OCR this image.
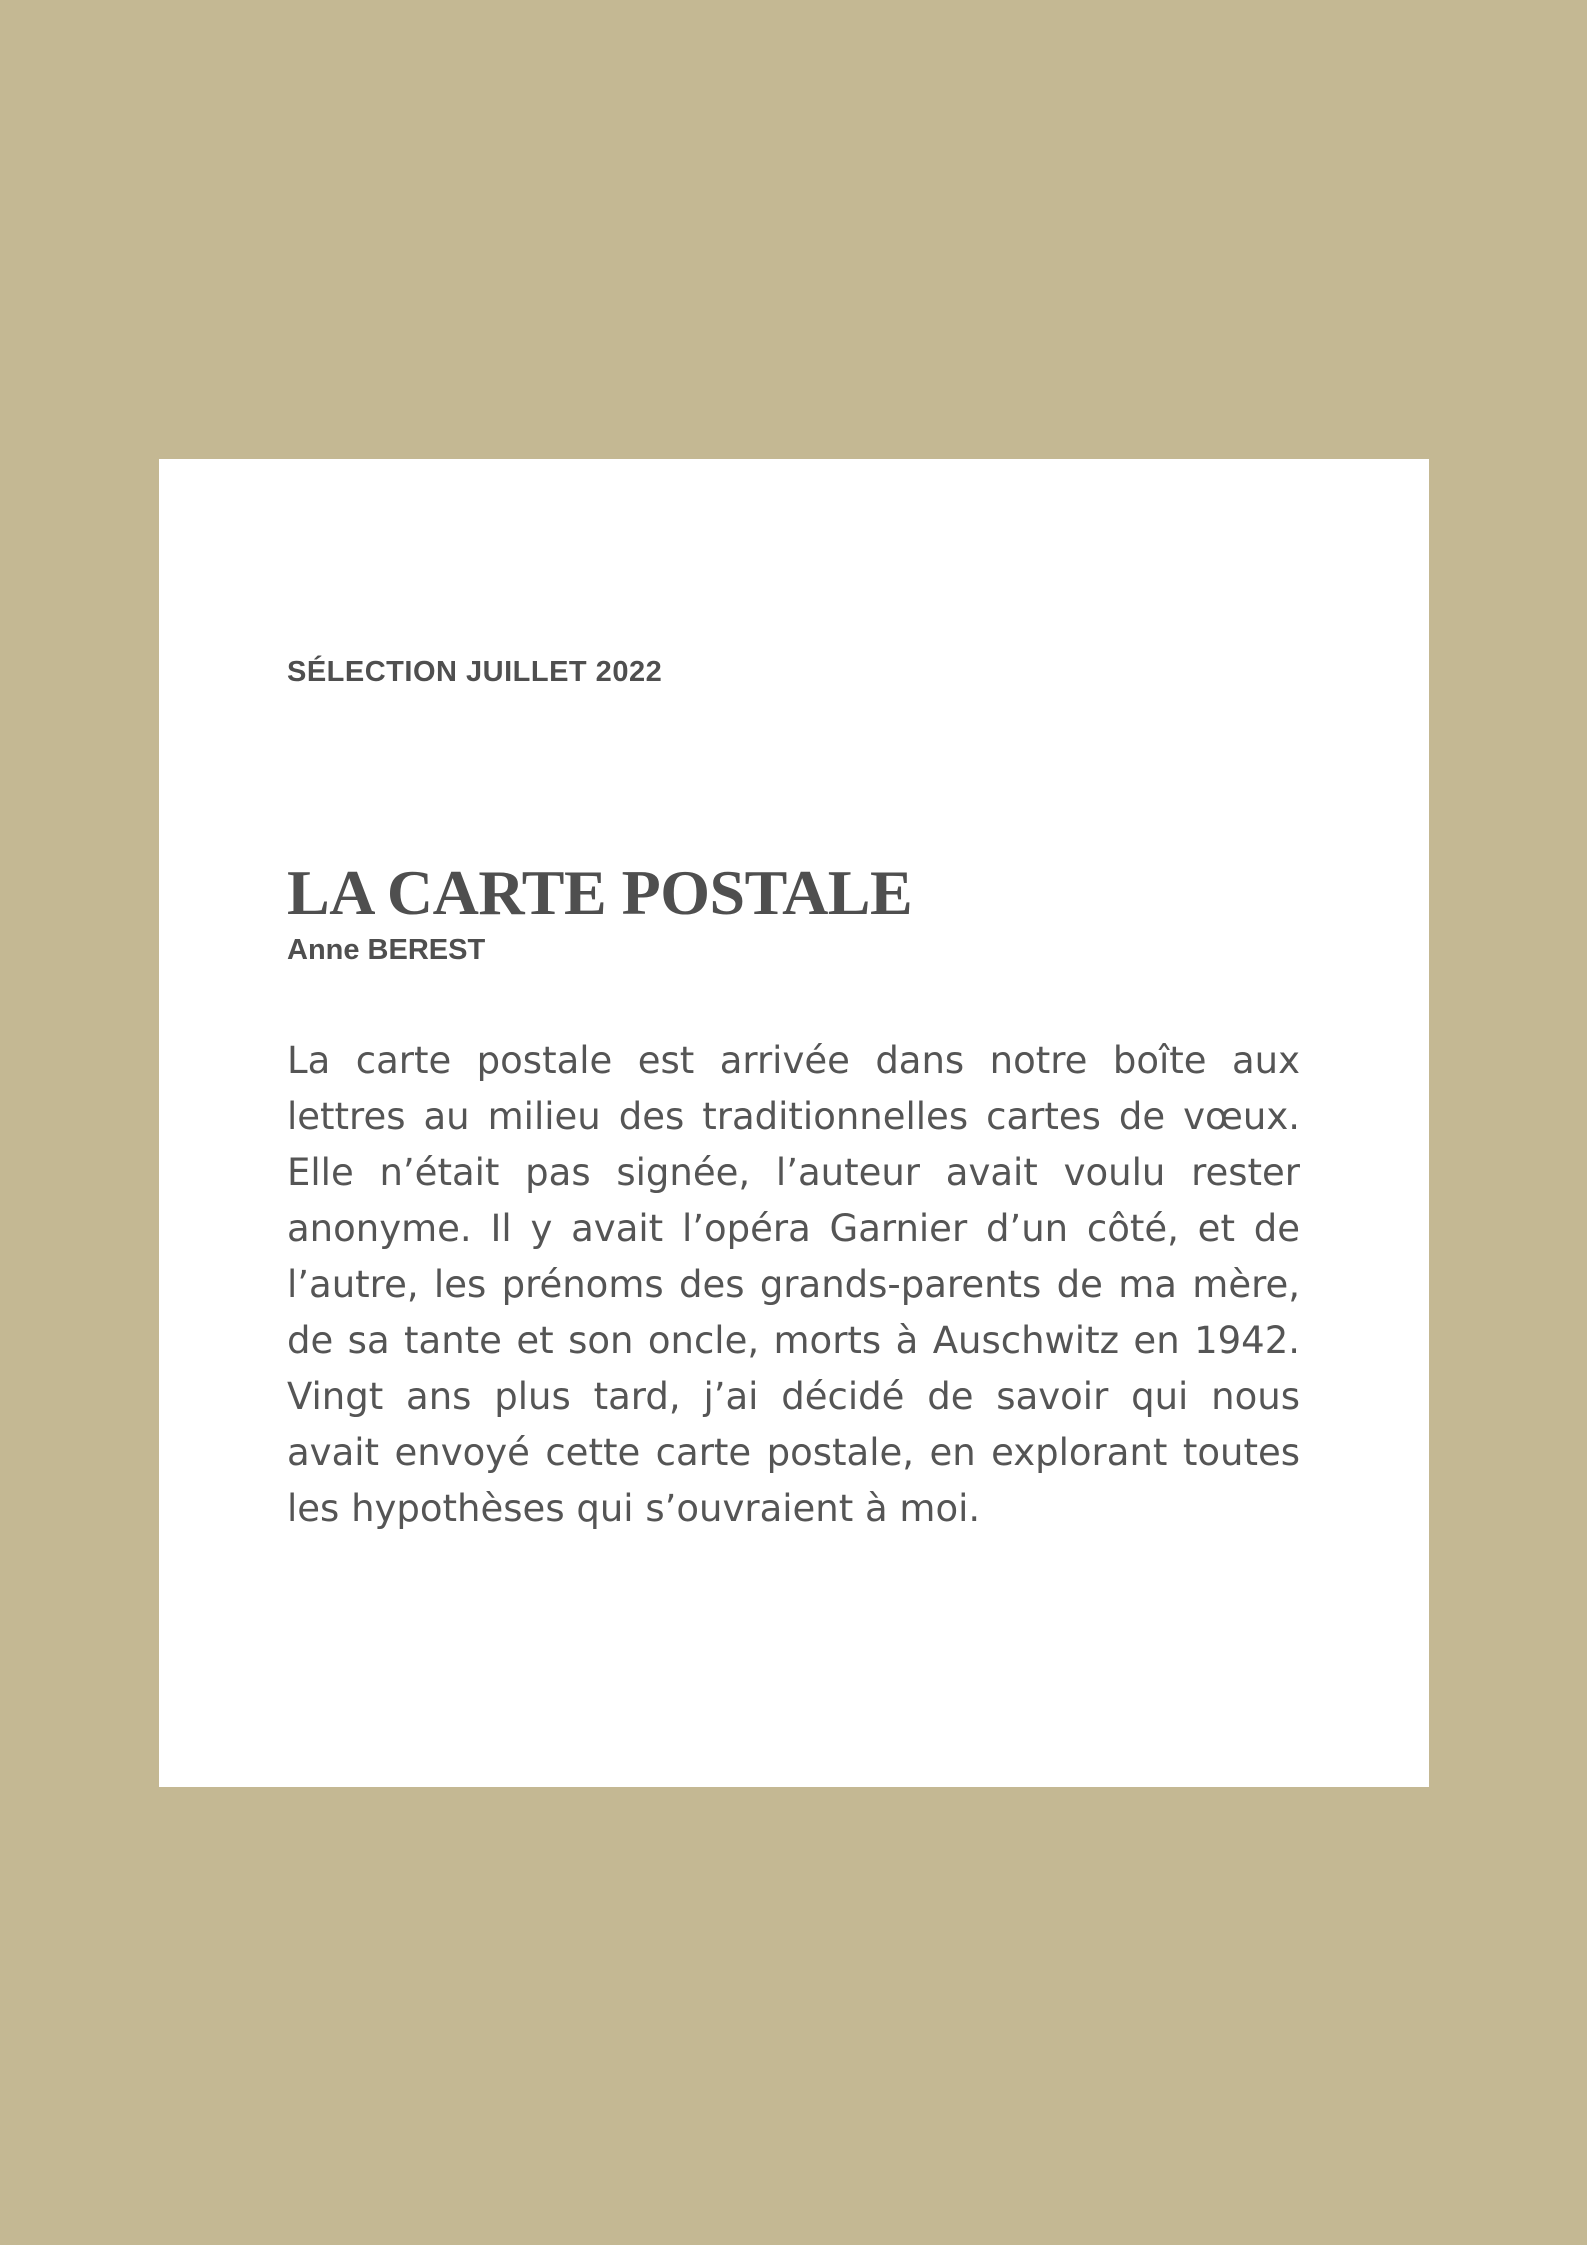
SÉLECTION JUILLET 2022

LA CARTE POSTALE

Anne BEREST

La carte postale est arrivée dans notre boîte aux lettres au milieu des traditionnelles cartes de vœux. Elle n’était pas signée, l’auteur avait voulu rester anonyme. Il y avait l’opéra Garnier d’un côté, et de l’autre, les prénoms des grands-parents de ma mère, de sa tante et son oncle, morts à Auschwitz en 1942. Vingt ans plus tard, j’ai décidé de savoir qui nous avait envoyé cette carte postale, en explorant toutes les hypothèses qui s’ouvraient à moi.
